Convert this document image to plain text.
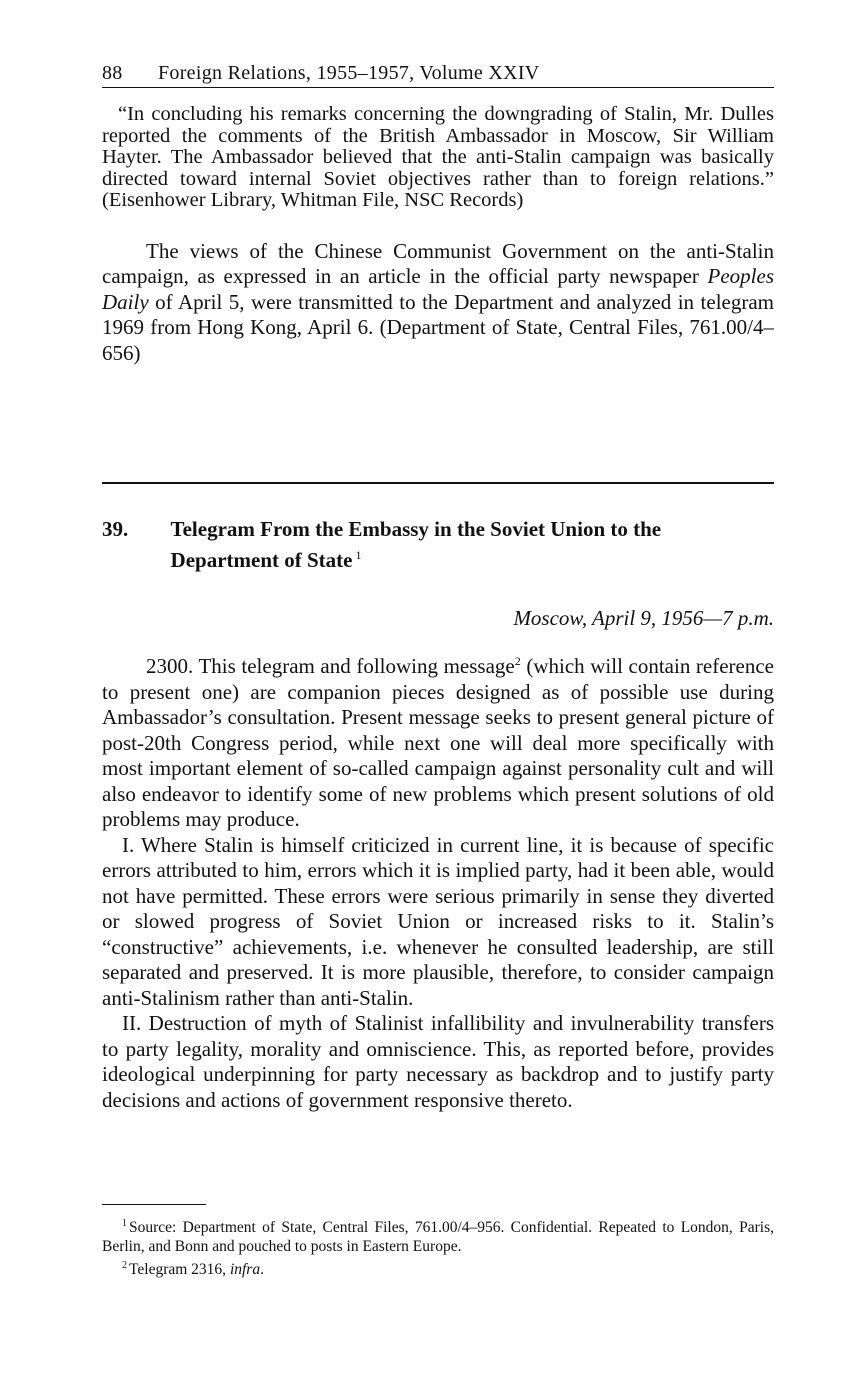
88	Foreign Relations, 1955–1957, Volume XXIV

“In concluding his remarks concerning the downgrading of Stalin, Mr. Dulles reported the comments of the British Ambassador in Moscow, Sir William Hayter. The Ambassador believed that the anti-Stalin campaign was basically directed toward internal Soviet objectives rather than to foreign relations.” (Eisenhower Library, Whitman File, NSC Records)

The views of the Chinese Communist Government on the anti-Stalin campaign, as expressed in an article in the official party newspaper Peoples Daily of April 5, were transmitted to the Department and analyzed in telegram 1969 from Hong Kong, April 6. (Department of State, Central Files, 761.00/4–656)

39.	Telegram From the Embassy in the Soviet Union to the Department of State $^1$
Moscow, April 9, 1956—7 p.m.

2300. This telegram and following message$^2$ (which will contain reference to present one) are companion pieces designed as of possible use during Ambassador’s consultation. Present message seeks to present general picture of post-20th Congress period, while next one will deal more specifically with most important element of so-called campaign against personality cult and will also endeavor to identify some of new problems which present solutions of old problems may produce.

I. Where Stalin is himself criticized in current line, it is because of specific errors attributed to him, errors which it is implied party, had it been able, would not have permitted. These errors were serious primarily in sense they diverted or slowed progress of Soviet Union or increased risks to it. Stalin’s “constructive” achievements, i.e. whenever he consulted leadership, are still separated and preserved. It is more plausible, therefore, to consider campaign anti-Stalinism rather than anti-Stalin.

II. Destruction of myth of Stalinist infallibility and invulnerability transfers to party legality, morality and omniscience. This, as reported before, provides ideological underpinning for party necessary as backdrop and to justify party decisions and actions of government responsive thereto.

$^1$ Source: Department of State, Central Files, 761.00/4–956. Confidential. Repeated to London, Paris, Berlin, and Bonn and pouched to posts in Eastern Europe.

$^2$ Telegram 2316, infra.
